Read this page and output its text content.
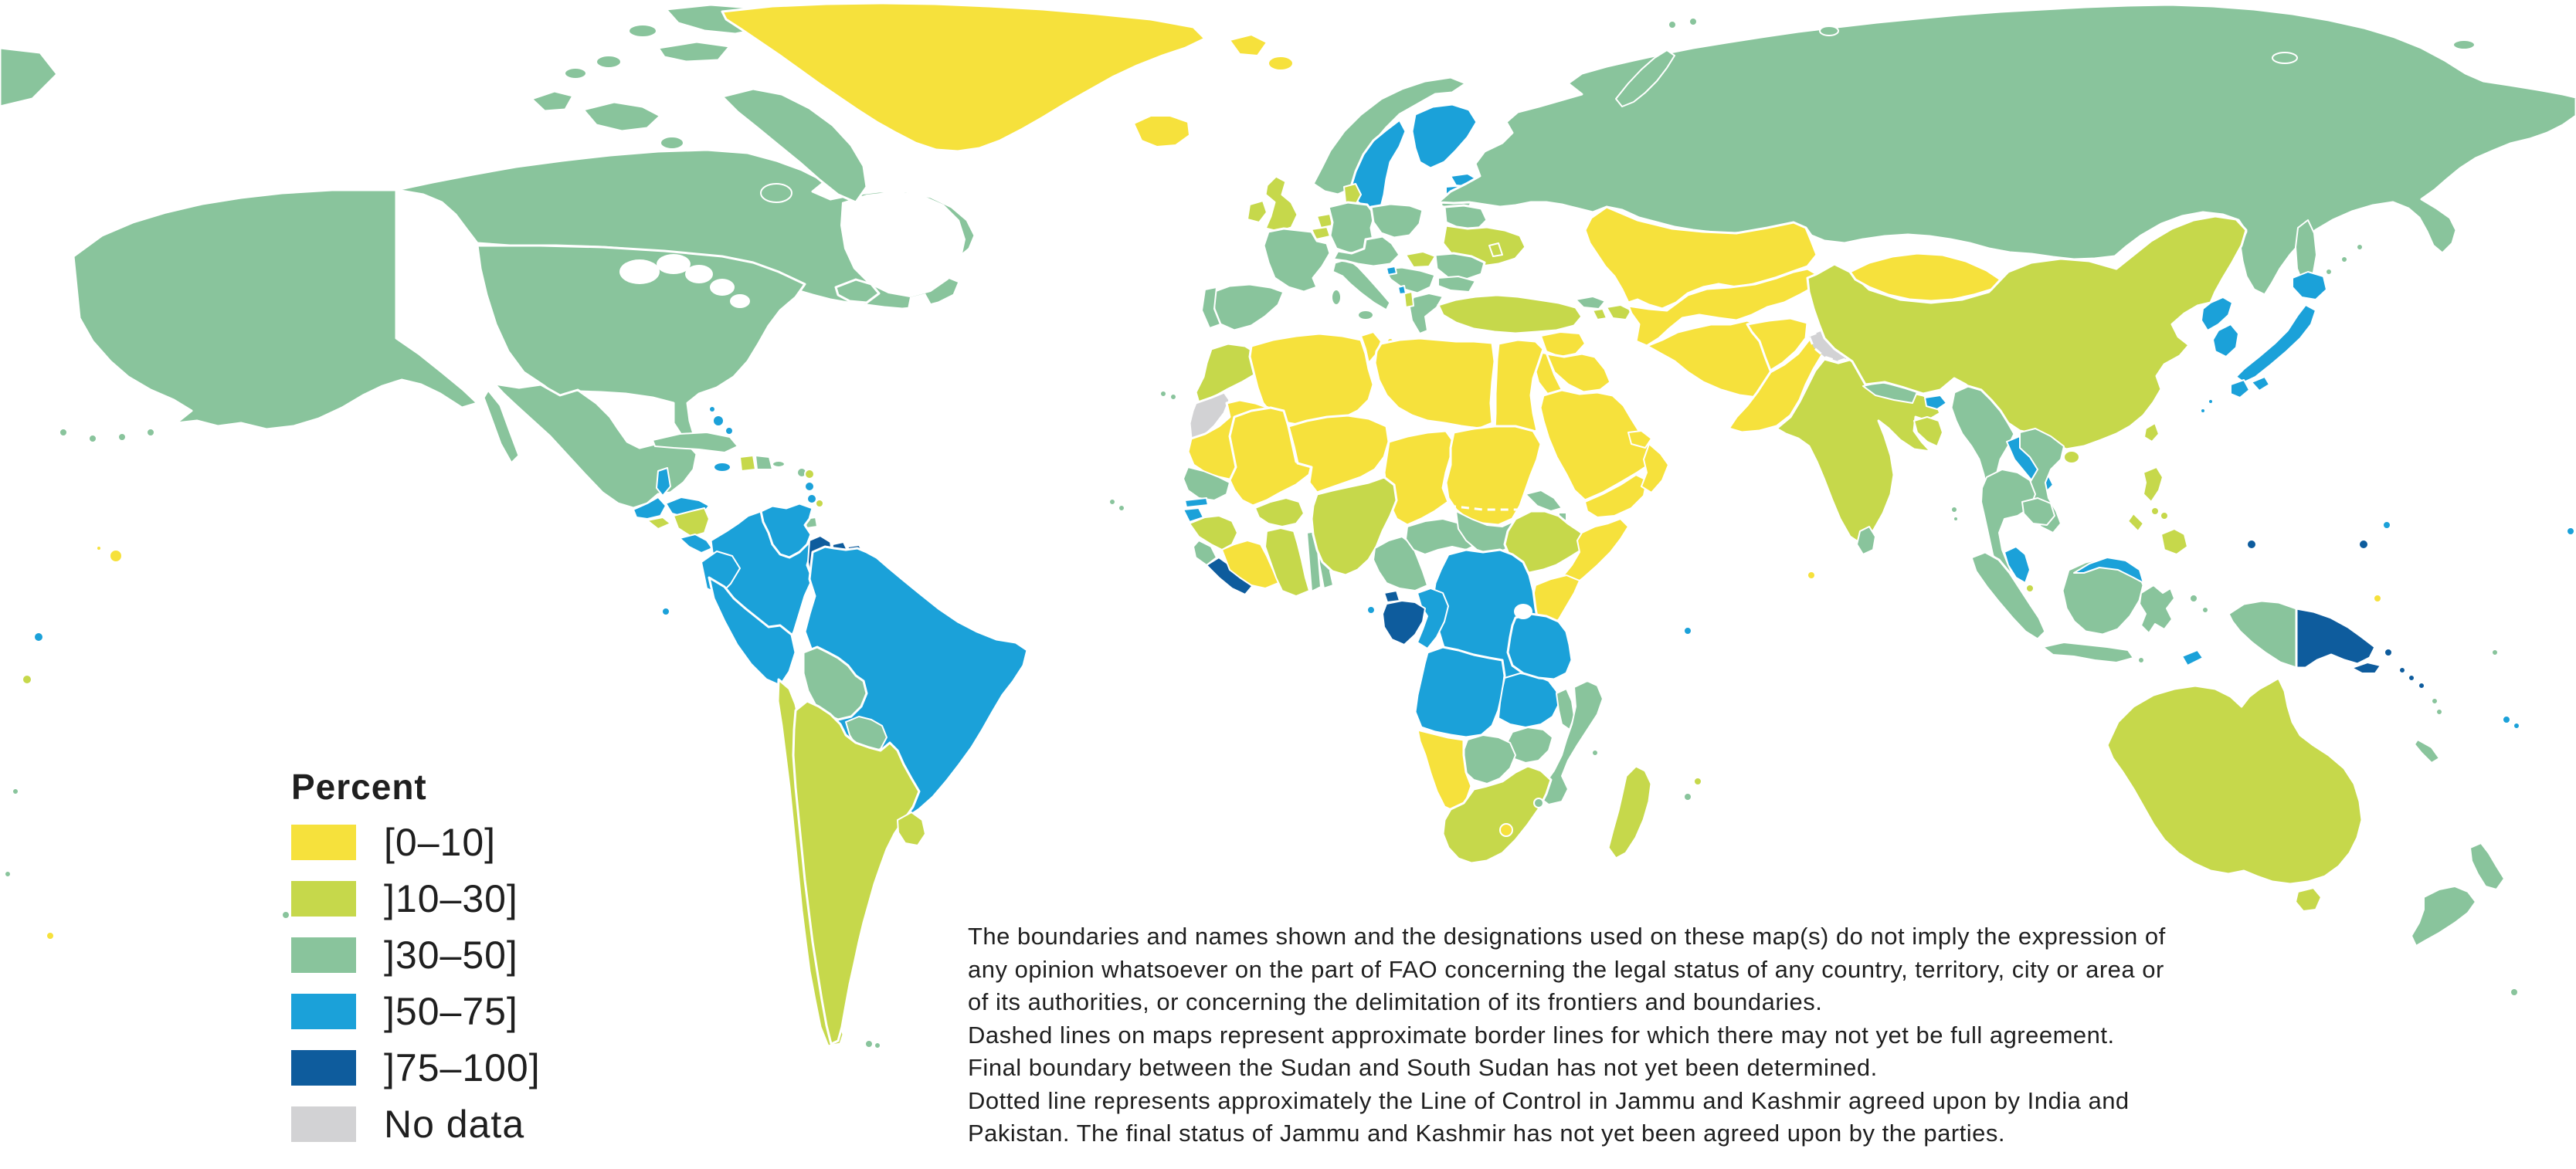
Percent
[0–10]
]10–30]
]30–50]
]50–75]
]75–100]
No data
The boundaries and names shown and the designations used on these map(s) do not imply the expression of
any opinion whatsoever on the part of FAO concerning the legal status of any country, territory, city or area or
of its authorities, or concerning the delimitation of its frontiers and boundaries.
Dashed lines on maps represent approximate border lines for which there may not yet be full agreement.
Final boundary between the Sudan and South Sudan has not yet been determined.
Dotted line represents approximately the Line of Control in Jammu and Kashmir agreed upon by India and
Pakistan. The final status of Jammu and Kashmir has not yet been agreed upon by the parties.
